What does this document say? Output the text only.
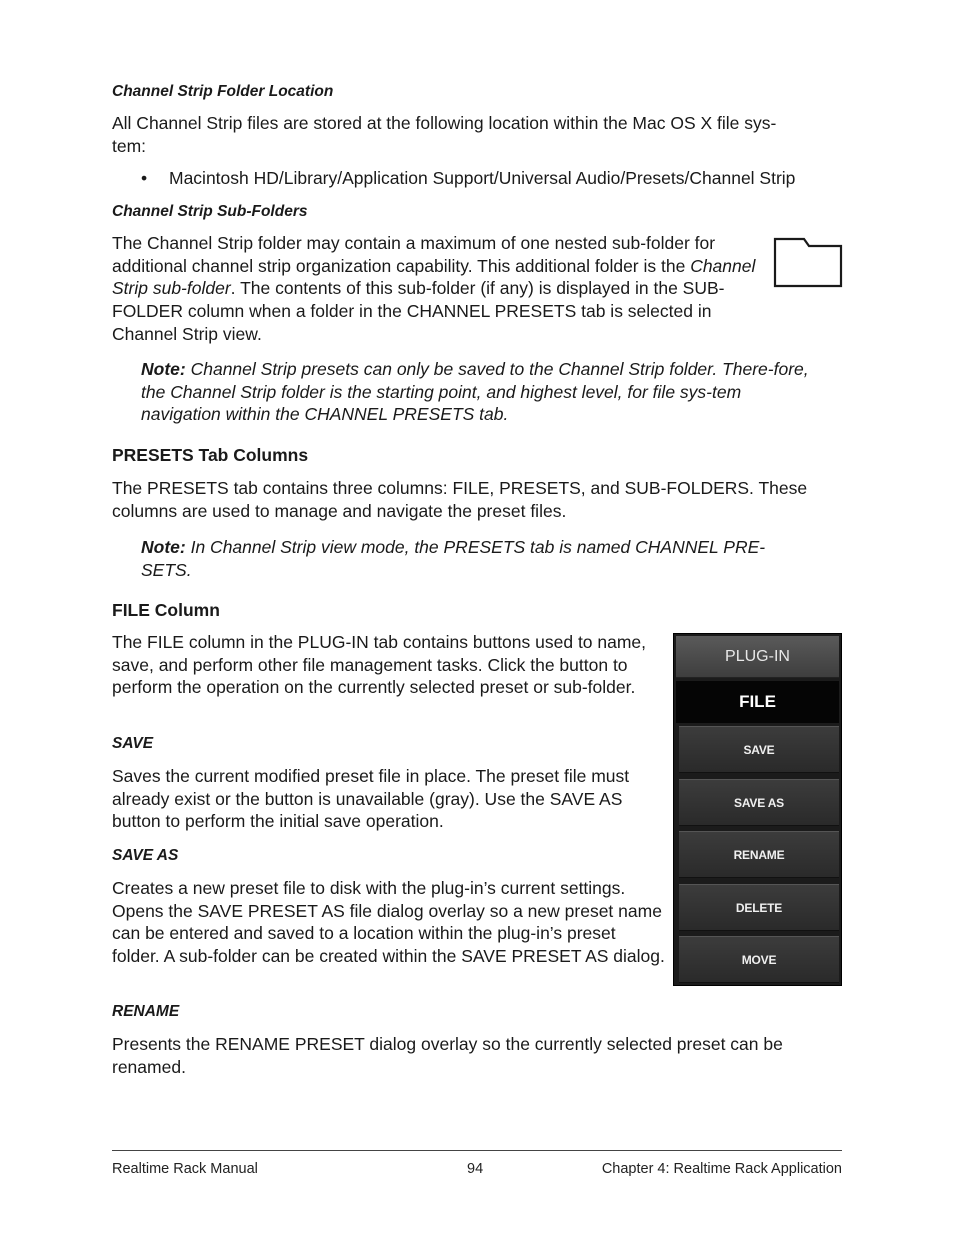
Channel Strip Folder Location

All Channel Strip files are stored at the following location within the Mac OS X file sys-

tem:

• Macintosh HD/Library/Application Support/Universal Audio/Presets/Channel Strip
Channel Strip Sub-Folders

The Channel Strip folder may contain a maximum of one nested sub-folder for additional channel strip organization capability. This additional folder is the Channel Strip sub-folder. The contents of this sub-folder (if any) is displayed in the SUB-FOLDER column when a folder in the CHANNEL PRESETS tab is selected in Channel Strip view.

Note: Channel Strip presets can only be saved to the Channel Strip folder. There-fore, the Channel Strip folder is the starting point, and highest level, for file sys-tem navigation within the CHANNEL PRESETS tab.

PRESETS Tab Columns

The PRESETS tab contains three columns: FILE, PRESETS, and SUB-FOLDERS. These columns are used to manage and navigate the preset files.

Note: In Channel Strip view mode, the PRESETS tab is named CHANNEL PRE-SETS.

FILE Column

The FILE column in the PLUG-IN tab contains buttons used to name, save, and perform other file management tasks. Click the button to perform the operation on the currently selected preset or sub-folder.

SAVE

Saves the current modified preset file in place. The preset file must already exist or the button is unavailable (gray). Use the SAVE AS button to perform the initial save operation.

SAVE AS

Creates a new preset file to disk with the plug-in’s current settings. Opens the SAVE PRESET AS file dialog overlay so a new preset name can be entered and saved to a location within the plug-in’s preset folder. A sub-folder can be created within the SAVE PRESET AS dialog.

RENAME

Presents the RENAME PRESET dialog overlay so the currently selected preset can be renamed.

PLUG-IN
FILE
SAVE
SAVE AS
RENAME
DELETE
MOVE
Realtime Rack Manual	94	Chapter 4: Realtime Rack Application
